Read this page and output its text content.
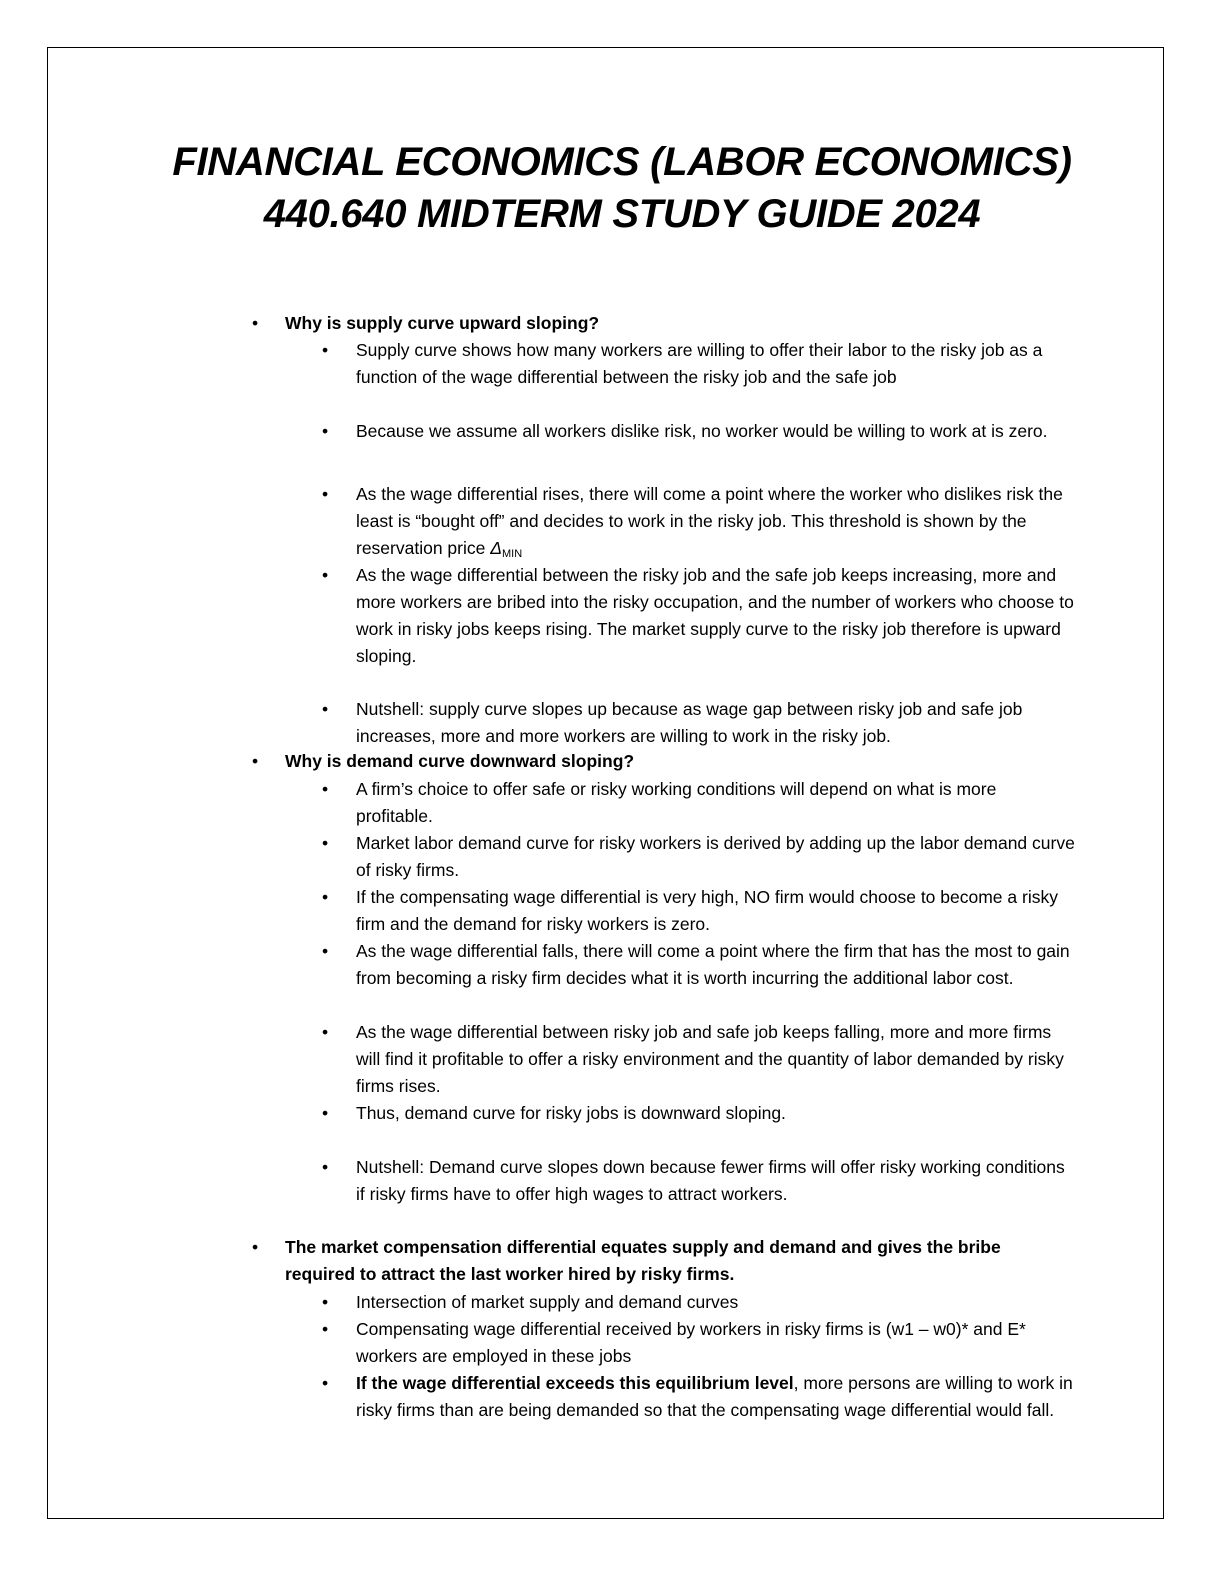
FINANCIAL ECONOMICS (LABOR ECONOMICS)
440.640 MIDTERM STUDY GUIDE 2024
• Why is supply curve upward sloping?
• Supply curve shows how many workers are willing to offer their labor to the risky job as a function of the wage differential between the risky job and the safe job
• Because we assume all workers dislike risk, no worker would be willing to work at is zero.
• As the wage differential rises, there will come a point where the worker who dislikes risk the least is “bought off” and decides to work in the risky job. This threshold is shown by the reservation price $\Delta_{MIN}$
• As the wage differential between the risky job and the safe job keeps increasing, more and more workers are bribed into the risky occupation, and the number of workers who choose to work in risky jobs keeps rising. The market supply curve to the risky job therefore is upward sloping.
• Nutshell: supply curve slopes up because as wage gap between risky job and safe job increases, more and more workers are willing to work in the risky job.
• Why is demand curve downward sloping?
• A firm’s choice to offer safe or risky working conditions will depend on what is more profitable.
• Market labor demand curve for risky workers is derived by adding up the labor demand curve of risky firms.
• If the compensating wage differential is very high, NO firm would choose to become a risky firm and the demand for risky workers is zero.
• As the wage differential falls, there will come a point where the firm that has the most to gain from becoming a risky firm decides what it is worth incurring the additional labor cost.
• As the wage differential between risky job and safe job keeps falling, more and more firms will find it profitable to offer a risky environment and the quantity of labor demanded by risky firms rises.
• Thus, demand curve for risky jobs is downward sloping.
• Nutshell: Demand curve slopes down because fewer firms will offer risky working conditions if risky firms have to offer high wages to attract workers.
• The market compensation differential equates supply and demand and gives the bribe
required to attract the last worker hired by risky firms.
• Intersection of market supply and demand curves
• Compensating wage differential received by workers in risky firms is (w1 – w0)* and E* workers are employed in these jobs
• If the wage differential exceeds this equilibrium level, more persons are willing to work in risky firms than are being demanded so that the compensating wage differential would fall.
